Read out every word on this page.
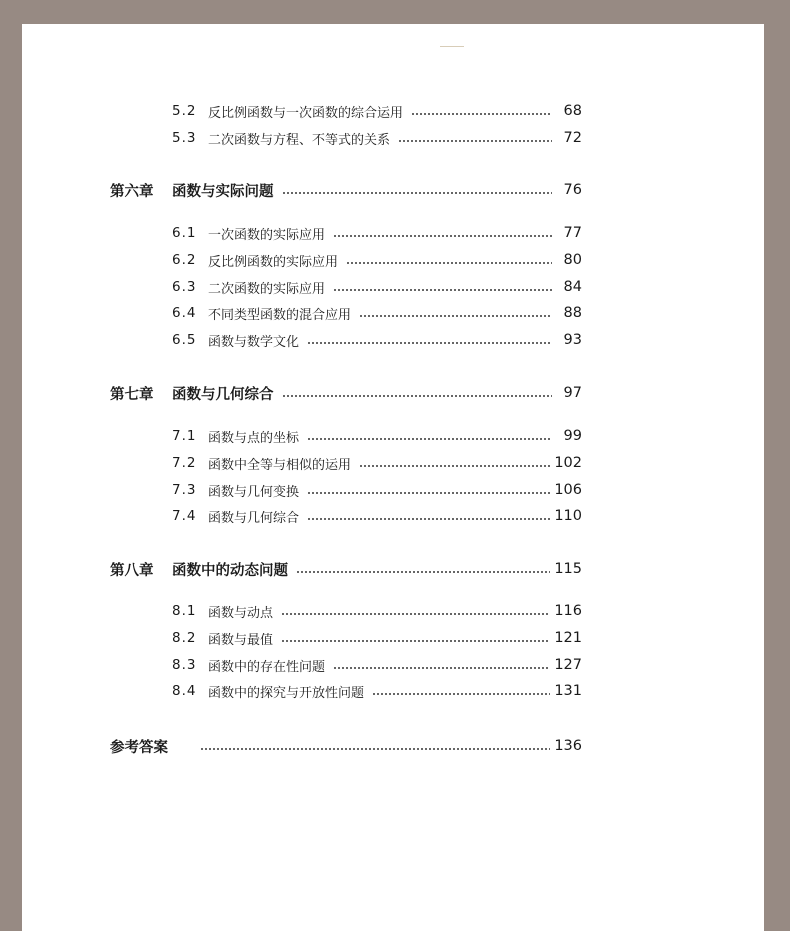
5.2 反比例函数与一次函数的综合运用	68
5.3 二次函数与方程、不等式的关系	72
第六章	函数与实际问题	76
6.1 一次函数的实际应用	77
6.2 反比例函数的实际应用	80
6.3 二次函数的实际应用	84
6.4 不同类型函数的混合应用	88
6.5 函数与数学文化	93
第七章	函数与几何综合	97
7.1 函数与点的坐标	99
7.2 函数中全等与相似的运用	102
7.3 函数与几何变换	106
7.4 函数与几何综合	110
第八章	函数中的动态问题	115
8.1 函数与动点	116
8.2 函数与最值	121
8.3 函数中的存在性问题	127
8.4 函数中的探究与开放性问题	131
参考答案	136
